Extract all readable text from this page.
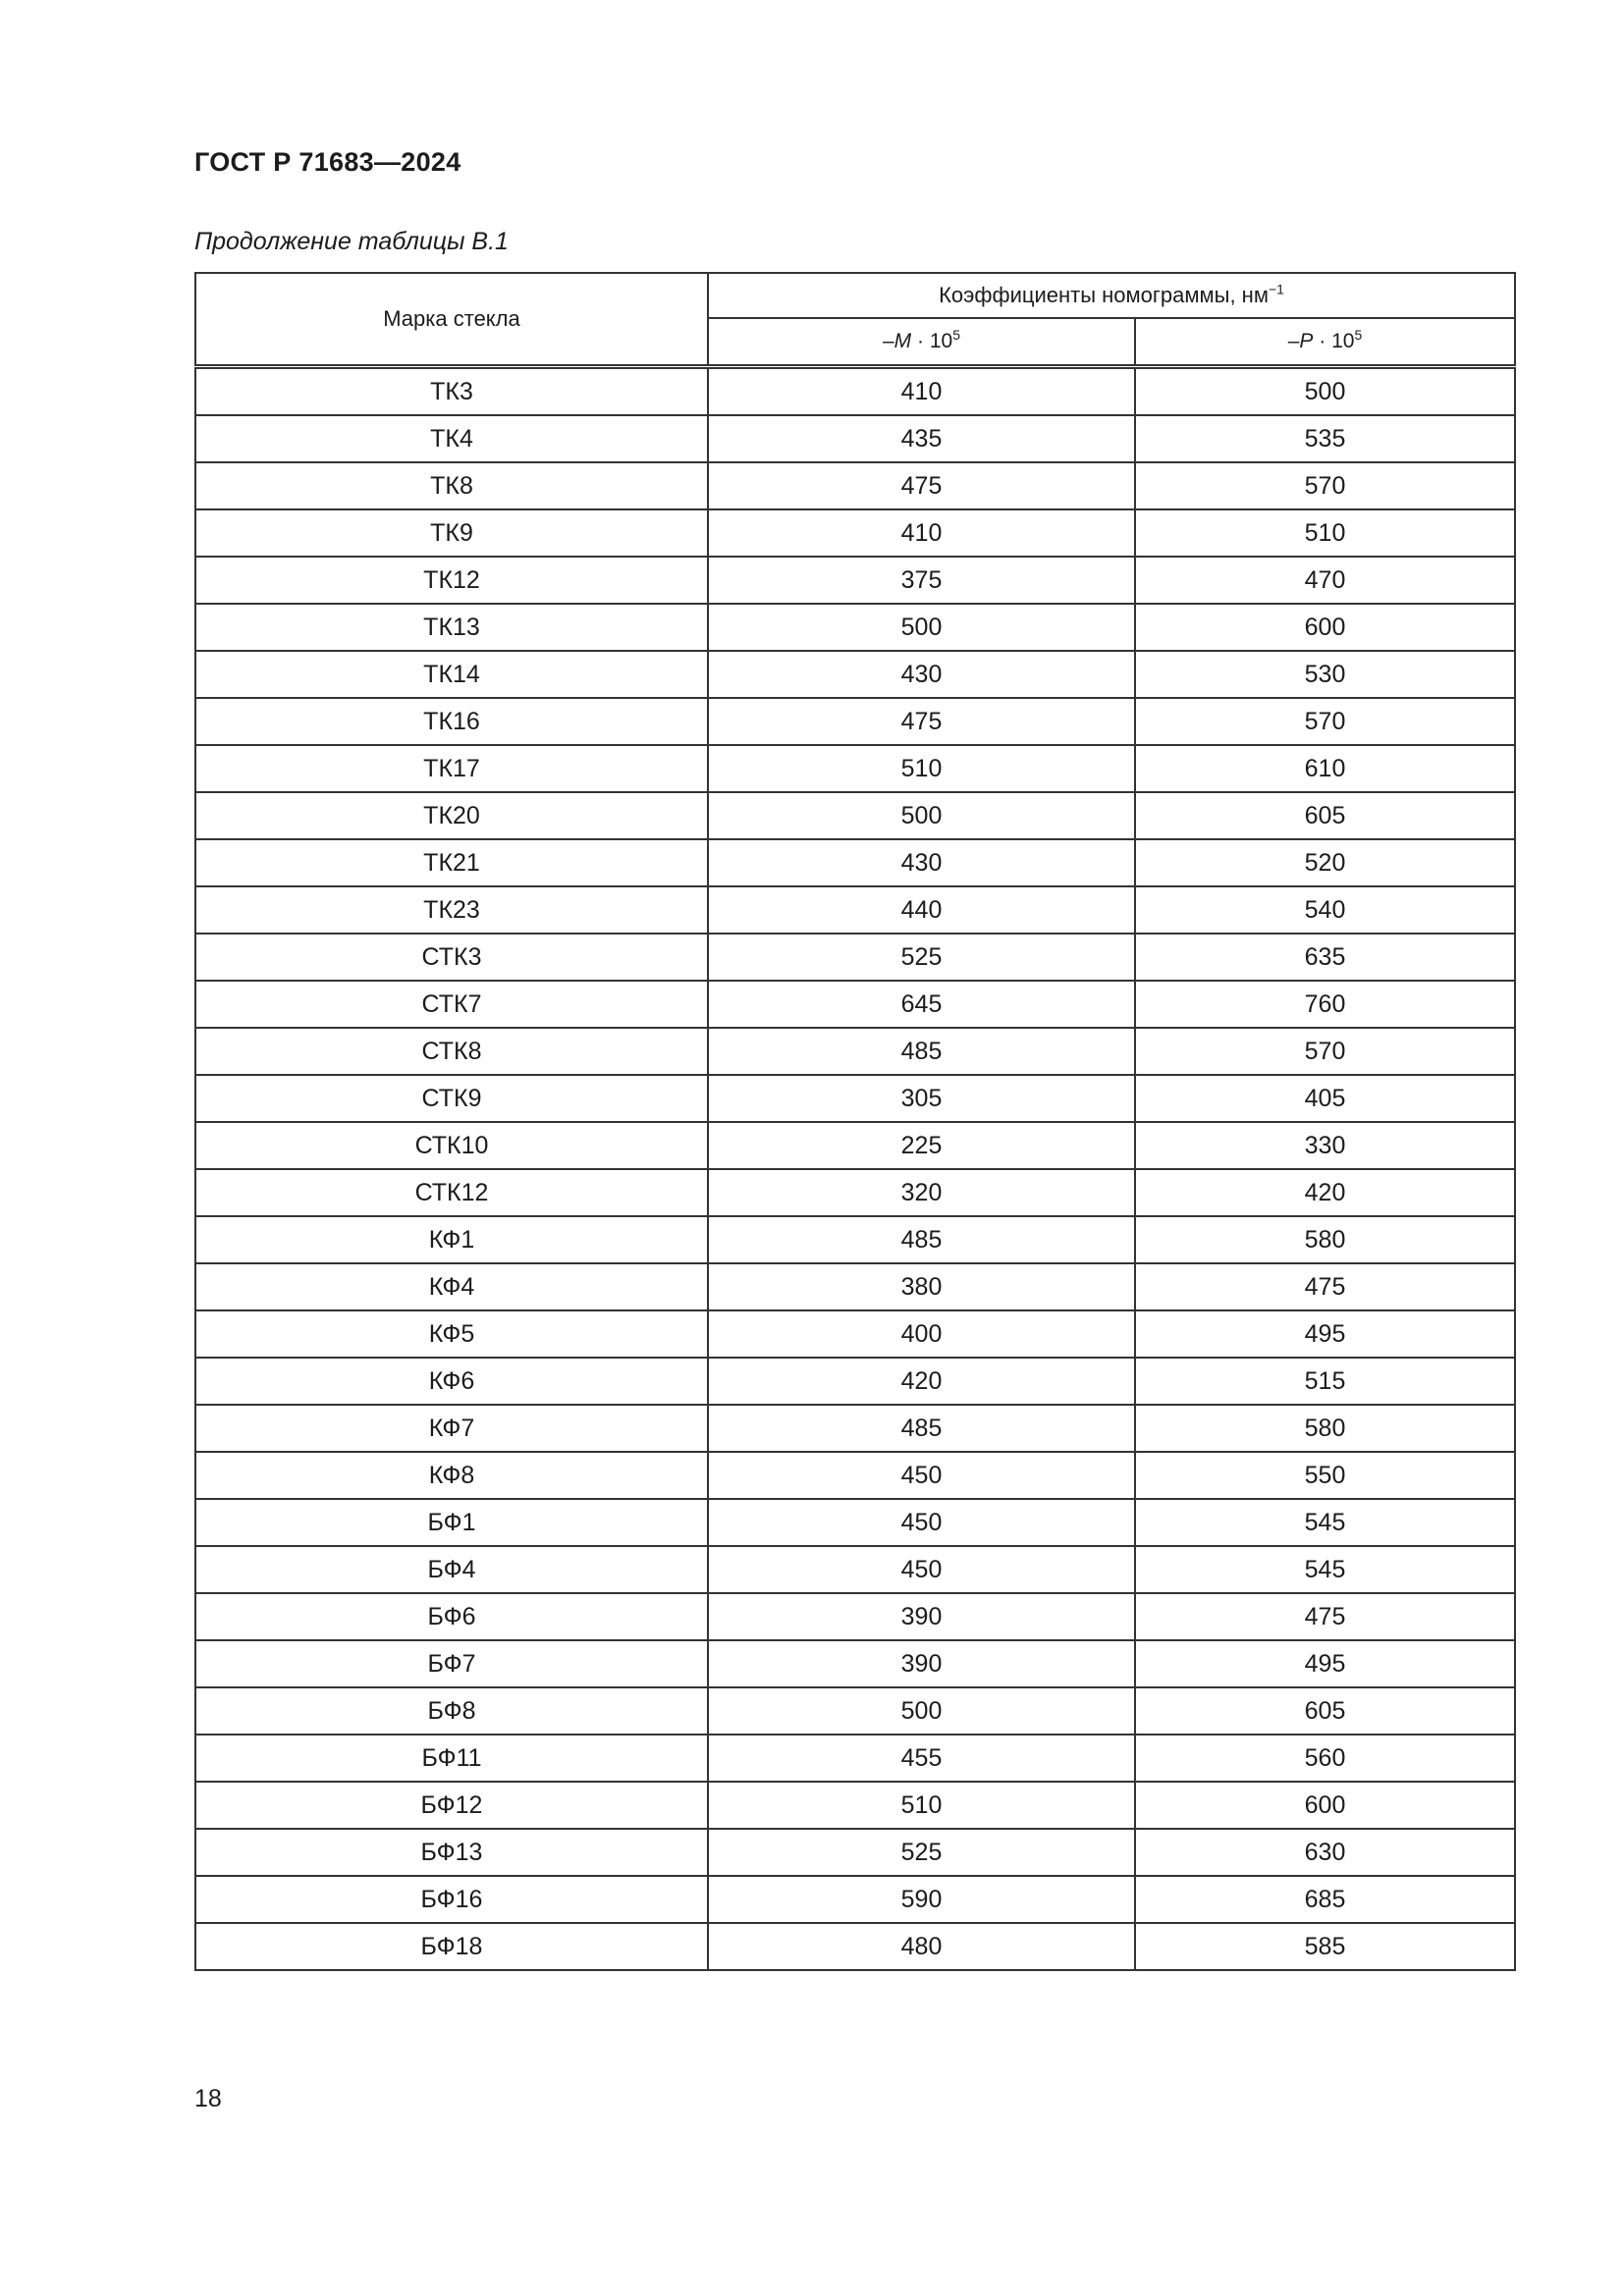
ГОСТ Р 71683—2024
Продолжение таблицы В.1
Марка стекла	Коэффициенты номограммы, $нм^{-1}$
	$-M \cdot 10^5$	$-P \cdot 10^5$
ТК3	410	500
ТК4	435	535
ТК8	475	570
ТК9	410	510
ТК12	375	470
ТК13	500	600
ТК14	430	530
ТК16	475	570
ТК17	510	610
ТК20	500	605
ТК21	430	520
ТК23	440	540
СТК3	525	635
СТК7	645	760
СТК8	485	570
СТК9	305	405
СТК10	225	330
СТК12	320	420
КФ1	485	580
КФ4	380	475
КФ5	400	495
КФ6	420	515
КФ7	485	580
КФ8	450	550
БФ1	450	545
БФ4	450	545
БФ6	390	475
БФ7	390	495
БФ8	500	605
БФ11	455	560
БФ12	510	600
БФ13	525	630
БФ16	590	685
БФ18	480	585
18
